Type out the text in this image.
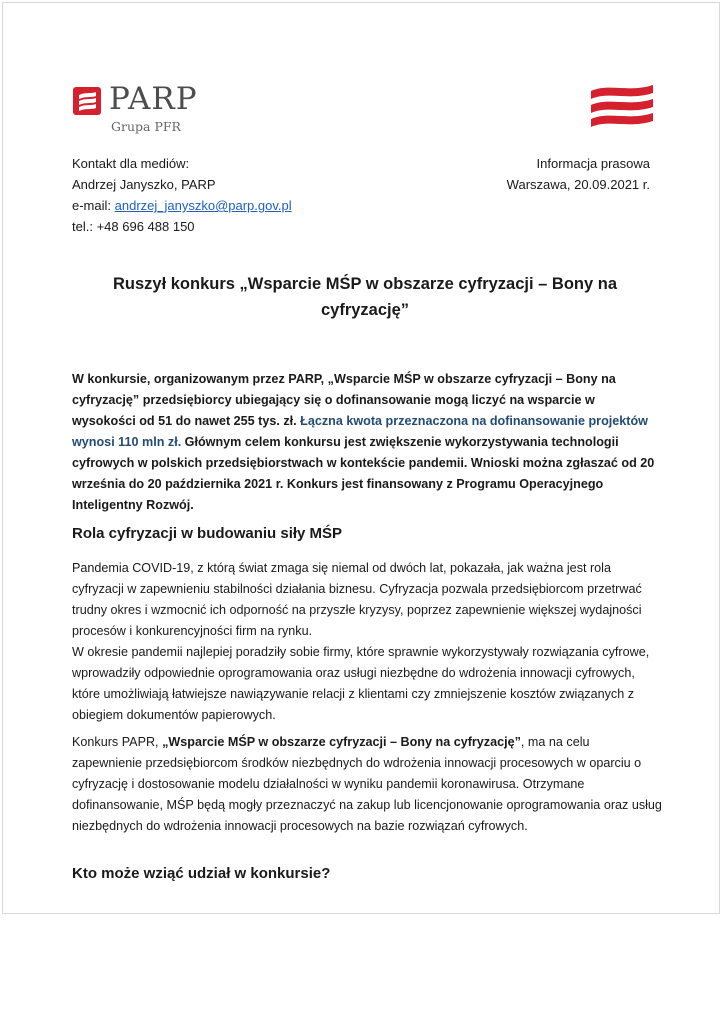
PARP
Grupa PFR
Kontakt dla mediów:
Andrzej Janyszko, PARP
e-mail: andrzej_janyszko@parp.gov.pl
tel.: +48 696 488 150
Informacja prasowa
Warszawa, 20.09.2021 r.
Ruszył konkurs „Wsparcie MŚP w obszarze cyfryzacji – Bony na cyfryzację”
W konkursie, organizowanym przez PARP, „Wsparcie MŚP w obszarze cyfryzacji – Bony na cyfryzację” przedsiębiorcy ubiegający się o dofinansowanie mogą liczyć na wsparcie w wysokości od 51 do nawet 255 tys. zł. Łączna kwota przeznaczona na dofinansowanie projektów wynosi 110 mln zł. Głównym celem konkursu jest zwiększenie wykorzystywania technologii cyfrowych w polskich przedsiębiorstwach w kontekście pandemii. Wnioski można zgłaszać od 20 września do 20 października 2021 r. Konkurs jest finansowany z Programu Operacyjnego Inteligentny Rozwój.
Rola cyfryzacji w budowaniu siły MŚP
Pandemia COVID-19, z którą świat zmaga się niemal od dwóch lat, pokazała, jak ważna jest rola cyfryzacji w zapewnieniu stabilności działania biznesu. Cyfryzacja pozwala przedsiębiorcom przetrwać trudny okres i wzmocnić ich odporność na przyszłe kryzysy, poprzez zapewnienie większej wydajności procesów i konkurencyjności firm na rynku.
W okresie pandemii najlepiej poradziły sobie firmy, które sprawnie wykorzystywały rozwiązania cyfrowe, wprowadziły odpowiednie oprogramowania oraz usługi niezbędne do wdrożenia innowacji cyfrowych, które umożliwiają łatwiejsze nawiązywanie relacji z klientami czy zmniejszenie kosztów związanych z obiegiem dokumentów papierowych.
Konkurs PAPR, „Wsparcie MŚP w obszarze cyfryzacji – Bony na cyfryzację”, ma na celu zapewnienie przedsiębiorcom środków niezbędnych do wdrożenia innowacji procesowych w oparciu o cyfryzację i dostosowanie modelu działalności w wyniku pandemii koronawirusa. Otrzymane dofinansowanie, MŚP będą mogły przeznaczyć na zakup lub licencjonowanie oprogramowania oraz usług niezbędnych do wdrożenia innowacji procesowych na bazie rozwiązań cyfrowych.
Kto może wziąć udział w konkursie?
